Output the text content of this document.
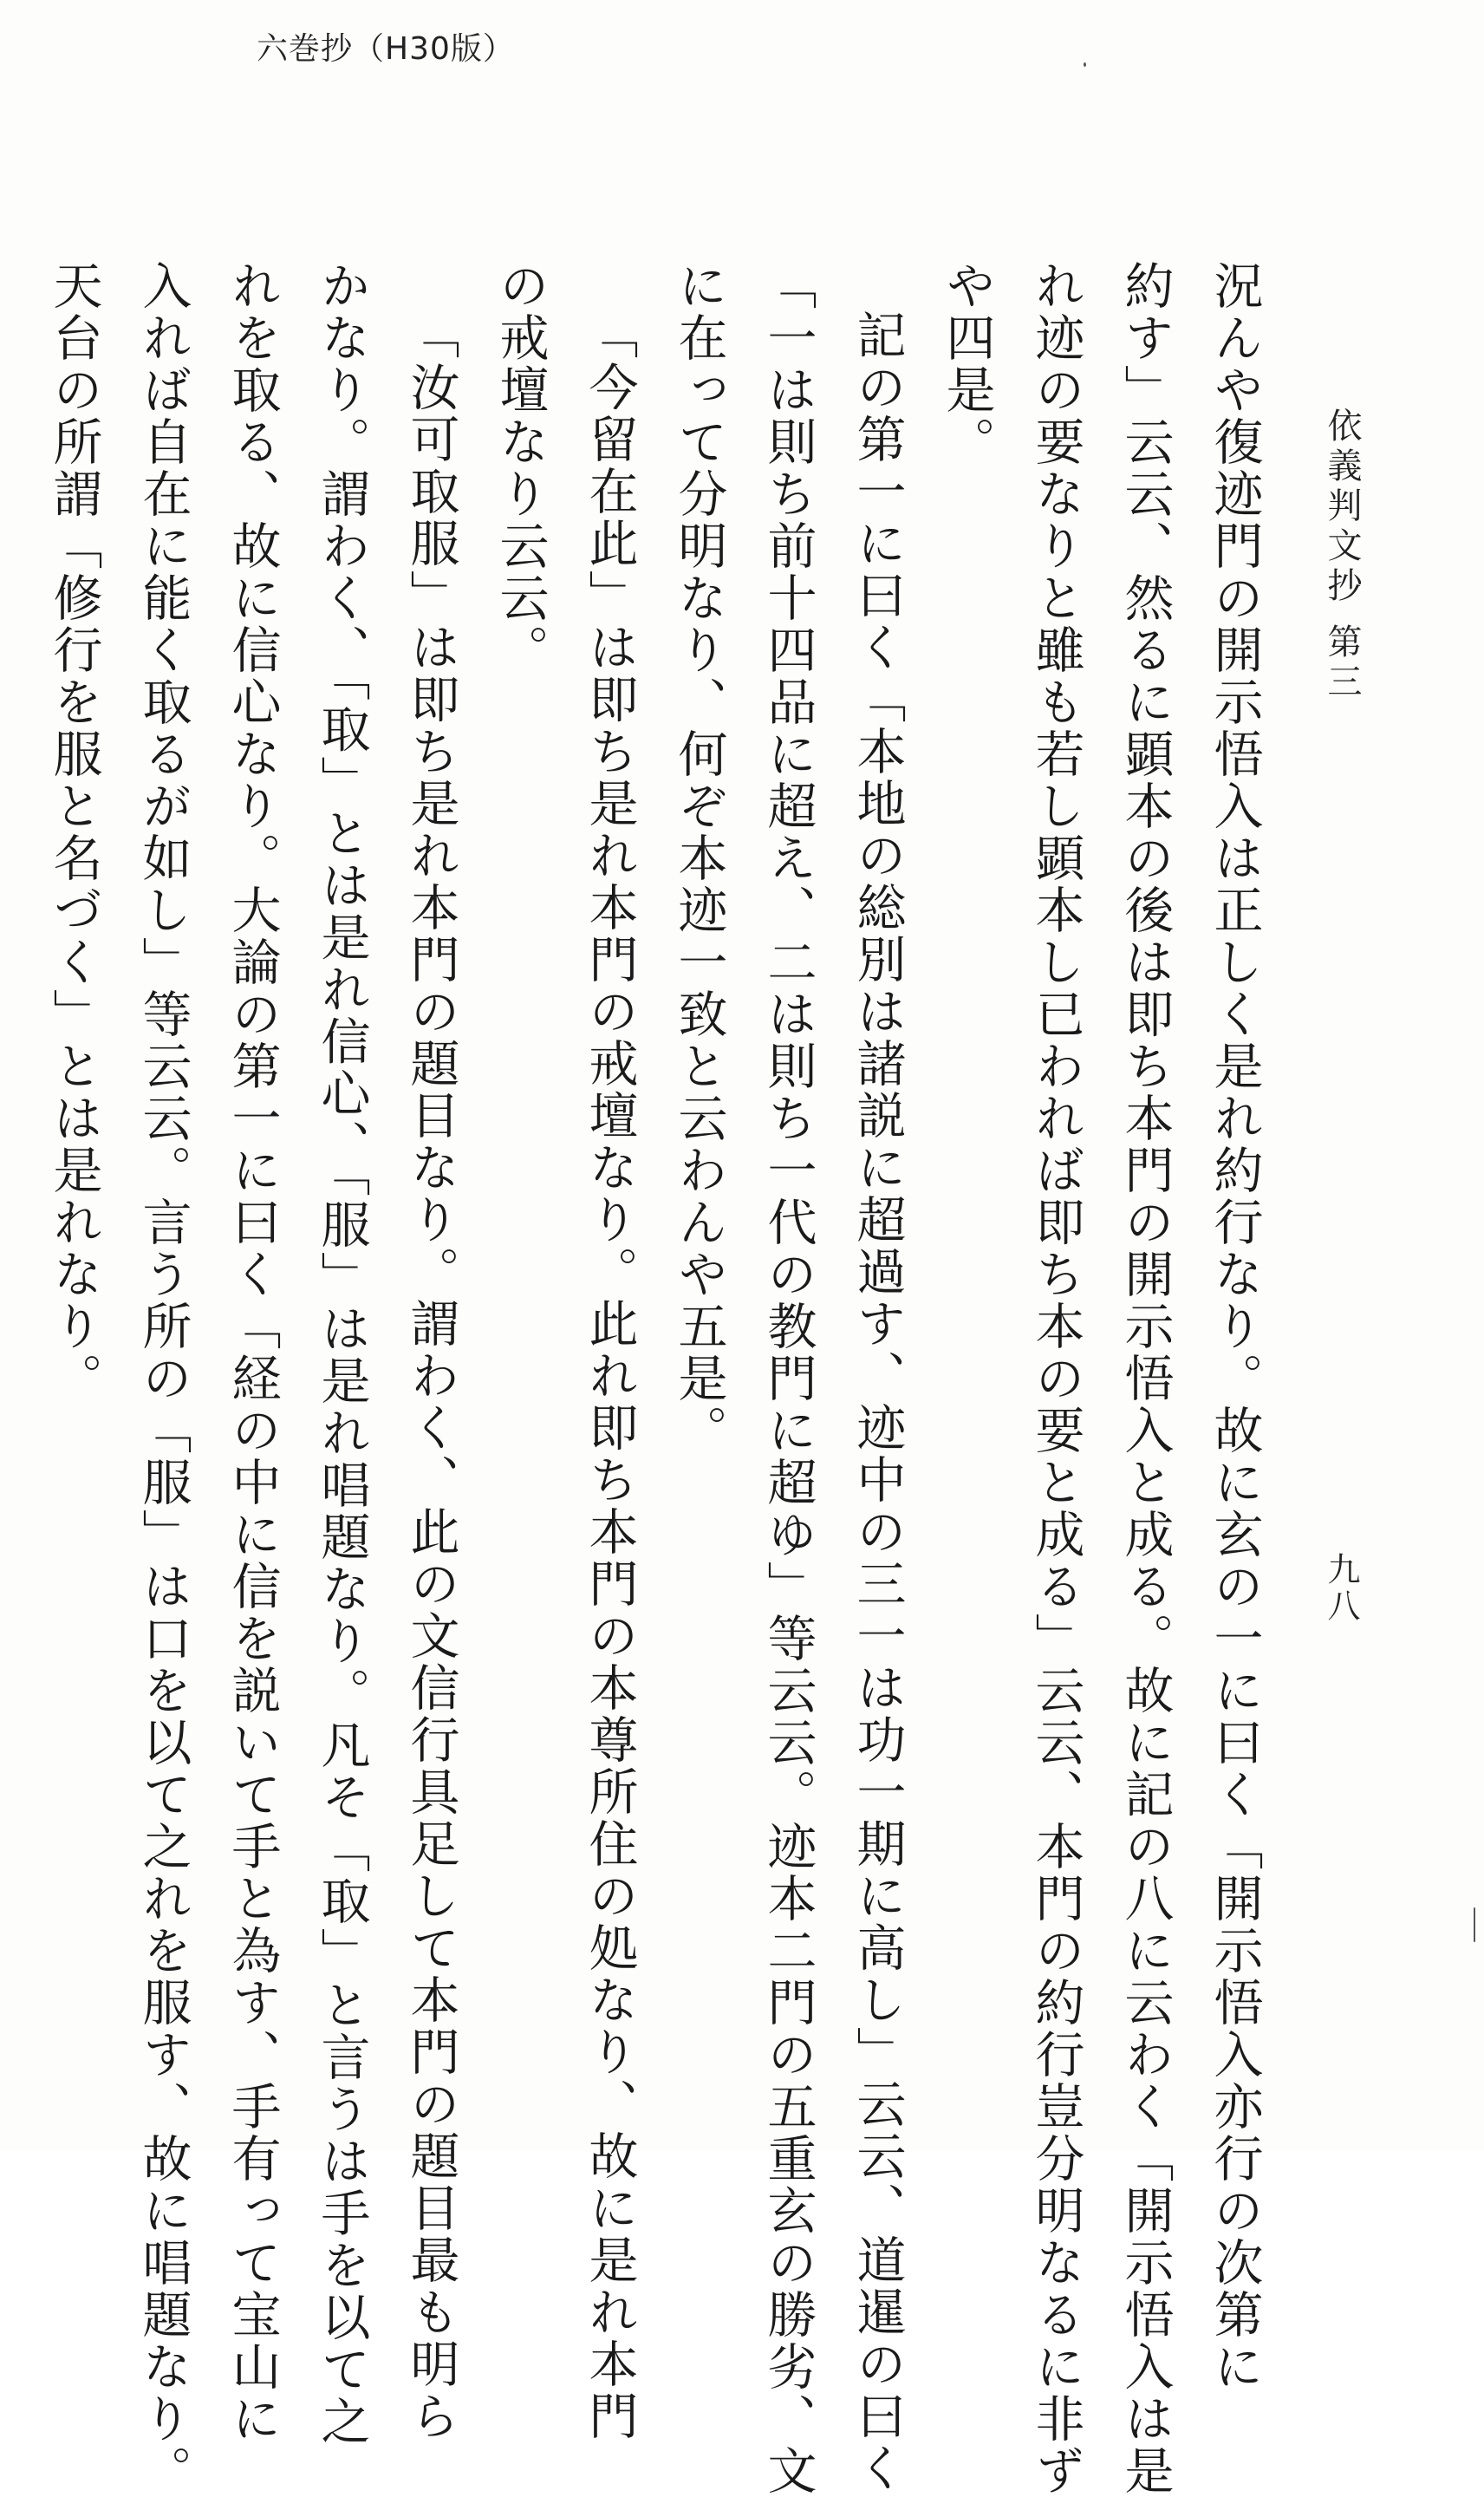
六巻抄（H30版）
依義判文抄 第三
九八
況んや復迹門の開示悟入は正しく是れ約行なり。故に玄の一に曰く「開示悟入亦行の次第に
約す」云云、然るに顕本の後は即ち本門の開示悟入と成る。故に記の八に云わく「開示悟入は是
れ迹の要なりと雖も若し顕本し已われば即ち本の要と成る」云云、本門の約行豈分明なるに非ず
や四是。
記の第一に曰く「本地の総別は諸説に超過す、迹中の三一は功一期に高し」云云、道暹の曰く
「一は則ち前十四品に超え、二は則ち一代の教門に超ゆ」等云云。迹本二門の五重玄の勝劣、文
に在って分明なり、何ぞ本迹一致と云わんや五是。
「今留在此」は即ち是れ本門の戒壇なり。此れ即ち本門の本尊所住の処なり、故に是れ本門
の戒壇なり云云。
「汝可取服」は即ち是れ本門の題目なり。謂わく、此の文信行具足して本門の題目最も明ら
かなり。謂わく、「取」とは是れ信心、「服」は是れ唱題なり。凡そ「取」と言うは手を以て之
れを取る、故に信心なり。大論の第一に曰く「経の中に信を説いて手と為す、手有って宝山に
入れば自在に能く取るが如し」等云云。言う所の「服」は口を以て之れを服す、故に唱題なり。
天台の所謂「修行を服と名づく」とは是れなり。
